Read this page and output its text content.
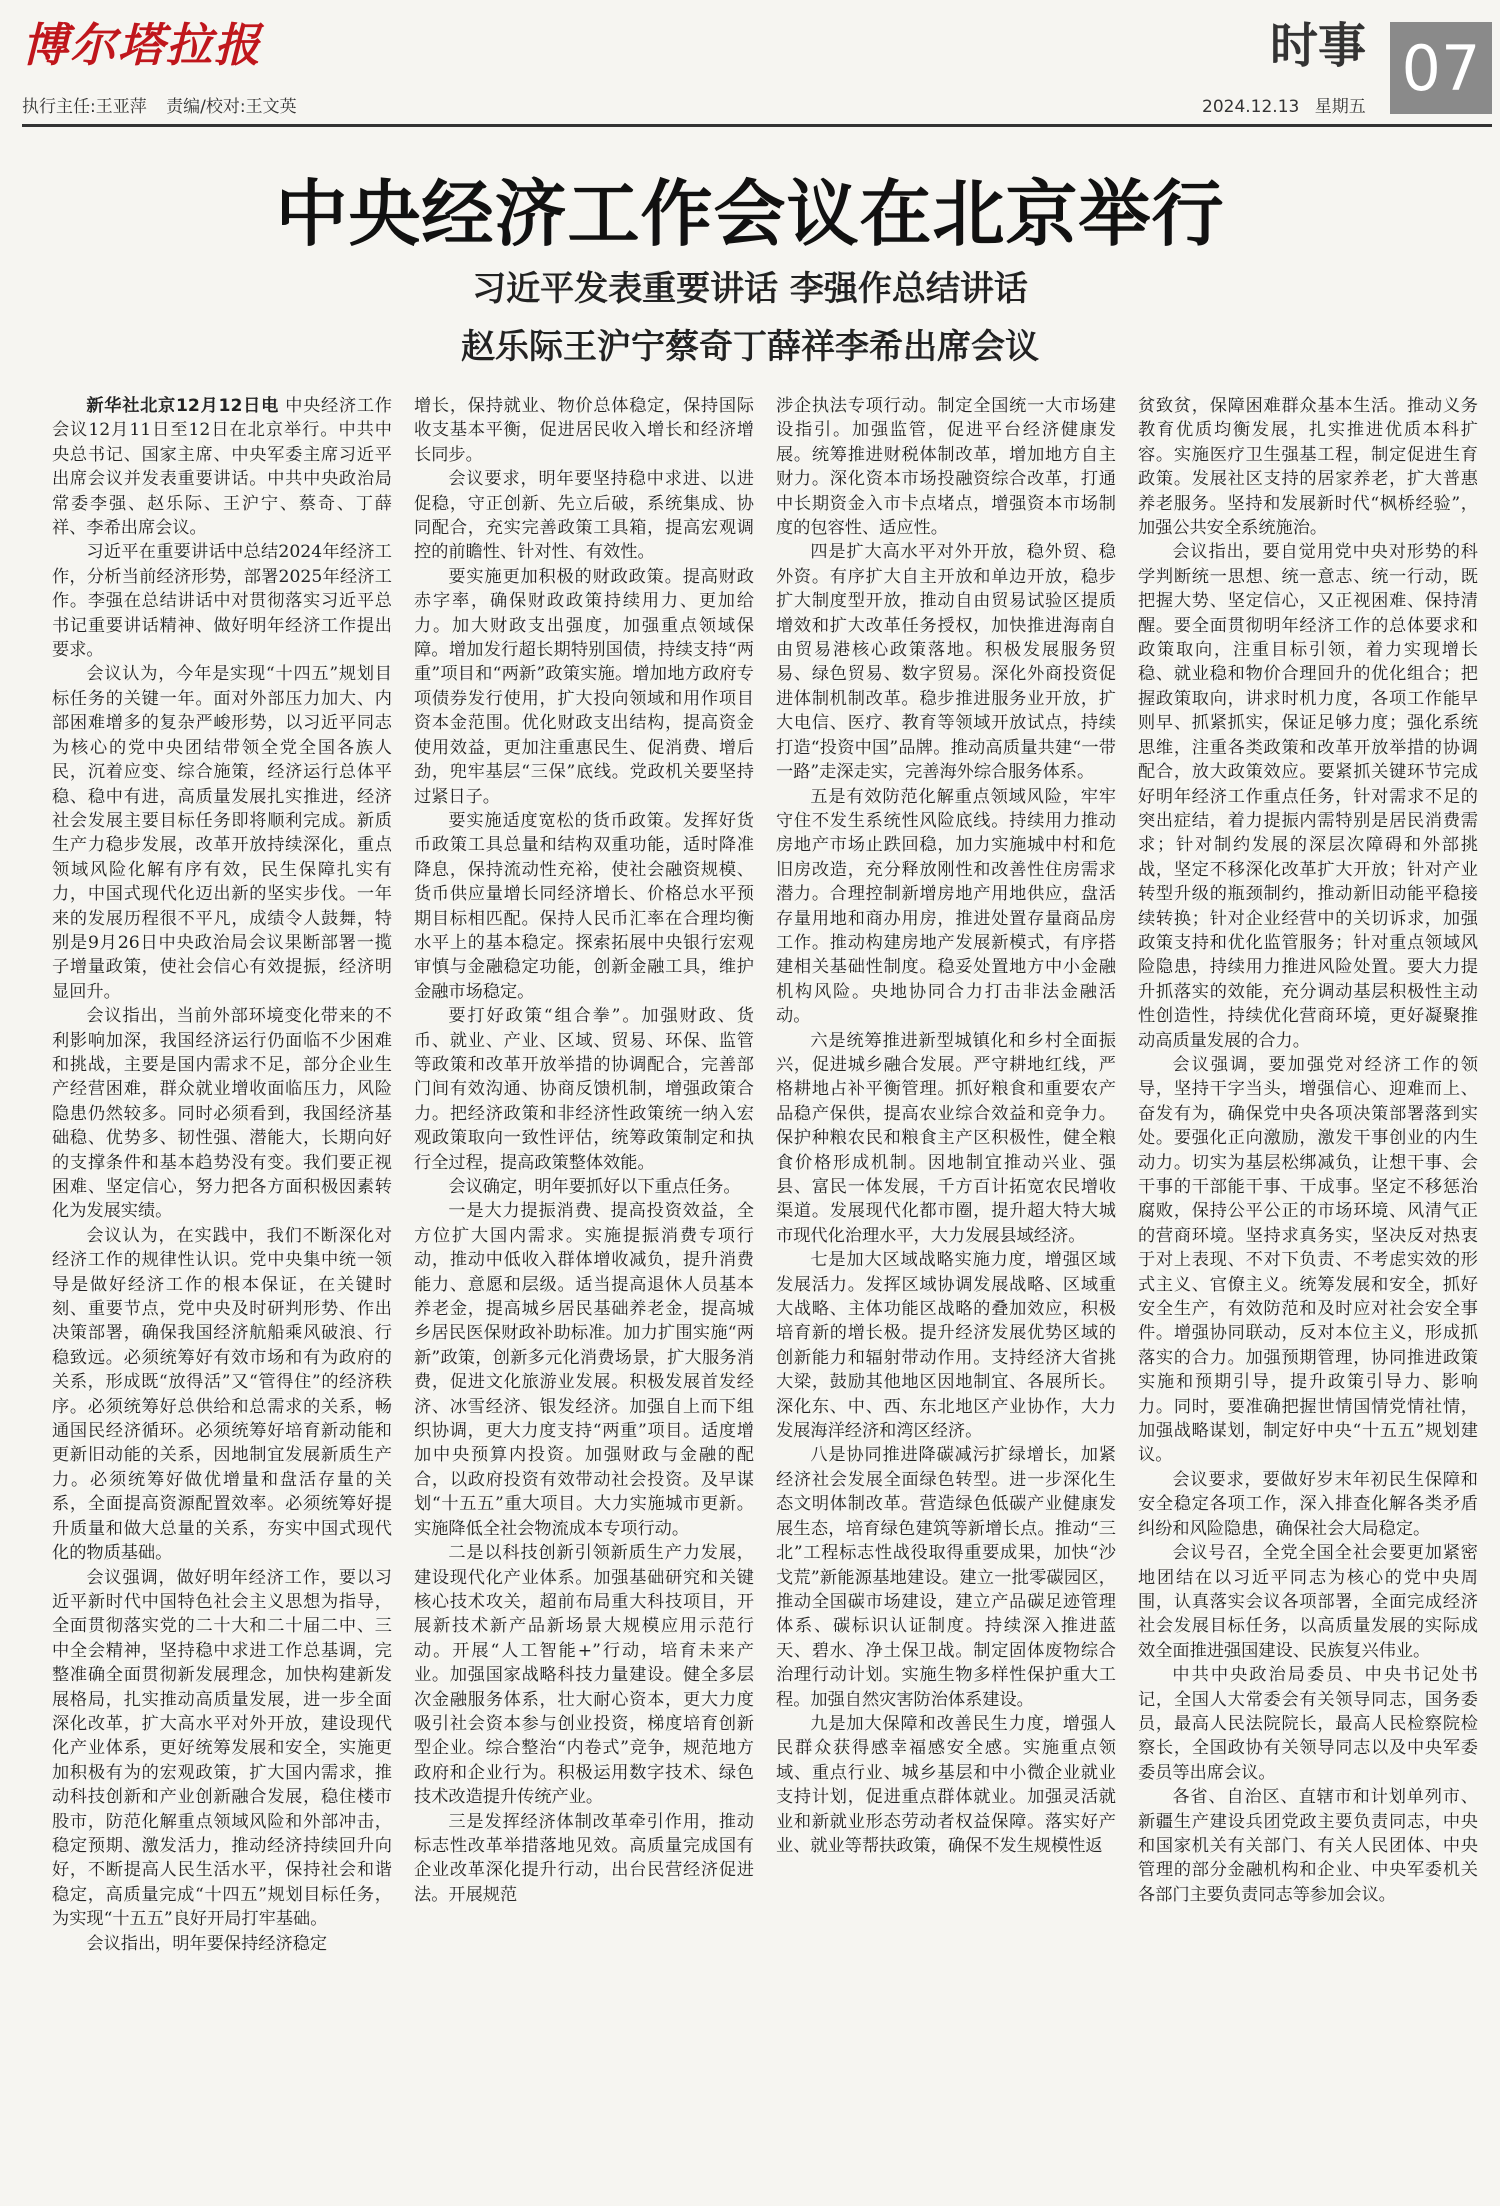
博尔塔拉报
执行主任:王亚萍 责编/校对:王文英
时事 07
2024.12.13 星期五
中央经济工作会议在北京举行
习近平发表重要讲话 李强作总结讲话
赵乐际王沪宁蔡奇丁薛祥李希出席会议

新华社北京12月12日电 中央经济工作会议12月11日至12日在北京举行。中共中央总书记、国家主席、中央军委主席习近平出席会议并发表重要讲话。中共中央政治局常委李强、赵乐际、王沪宁、蔡奇、丁薛祥、李希出席会议。

习近平在重要讲话中总结2024年经济工作，分析当前经济形势，部署2025年经济工作。李强在总结讲话中对贯彻落实习近平总书记重要讲话精神、做好明年经济工作提出要求。

会议认为，今年是实现“十四五”规划目标任务的关键一年。面对外部压力加大、内部困难增多的复杂严峻形势，以习近平同志为核心的党中央团结带领全党全国各族人民，沉着应变、综合施策，经济运行总体平稳、稳中有进，高质量发展扎实推进，经济社会发展主要目标任务即将顺利完成。新质生产力稳步发展，改革开放持续深化，重点领域风险化解有序有效，民生保障扎实有力，中国式现代化迈出新的坚实步伐。一年来的发展历程很不平凡，成绩令人鼓舞，特别是9月26日中央政治局会议果断部署一揽子增量政策，使社会信心有效提振，经济明显回升。

会议指出，当前外部环境变化带来的不利影响加深，我国经济运行仍面临不少困难和挑战，主要是国内需求不足，部分企业生产经营困难，群众就业增收面临压力，风险隐患仍然较多。同时必须看到，我国经济基础稳、优势多、韧性强、潜能大，长期向好的支撑条件和基本趋势没有变。我们要正视困难、坚定信心，努力把各方面积极因素转化为发展实绩。

会议认为，在实践中，我们不断深化对经济工作的规律性认识。党中央集中统一领导是做好经济工作的根本保证，在关键时刻、重要节点，党中央及时研判形势、作出决策部署，确保我国经济航船乘风破浪、行稳致远。必须统筹好有效市场和有为政府的关系，形成既“放得活”又“管得住”的经济秩序。必须统筹好总供给和总需求的关系，畅通国民经济循环。必须统筹好培育新动能和更新旧动能的关系，因地制宜发展新质生产力。必须统筹好做优增量和盘活存量的关系，全面提高资源配置效率。必须统筹好提升质量和做大总量的关系，夯实中国式现代化的物质基础。

会议强调，做好明年经济工作，要以习近平新时代中国特色社会主义思想为指导，全面贯彻落实党的二十大和二十届二中、三中全会精神，坚持稳中求进工作总基调，完整准确全面贯彻新发展理念，加快构建新发展格局，扎实推动高质量发展，进一步全面深化改革，扩大高水平对外开放，建设现代化产业体系，更好统筹发展和安全，实施更加积极有为的宏观政策，扩大国内需求，推动科技创新和产业创新融合发展，稳住楼市股市，防范化解重点领域风险和外部冲击，稳定预期、激发活力，推动经济持续回升向好，不断提高人民生活水平，保持社会和谐稳定，高质量完成“十四五”规划目标任务，为实现“十五五”良好开局打牢基础。

会议指出，明年要保持经济稳定

增长，保持就业、物价总体稳定，保持国际收支基本平衡，促进居民收入增长和经济增长同步。

会议要求，明年要坚持稳中求进、以进促稳，守正创新、先立后破，系统集成、协同配合，充实完善政策工具箱，提高宏观调控的前瞻性、针对性、有效性。

要实施更加积极的财政政策。提高财政赤字率，确保财政政策持续用力、更加给力。加大财政支出强度，加强重点领域保障。增加发行超长期特别国债，持续支持“两重”项目和“两新”政策实施。增加地方政府专项债券发行使用，扩大投向领域和用作项目资本金范围。优化财政支出结构，提高资金使用效益，更加注重惠民生、促消费、增后劲，兜牢基层“三保”底线。党政机关要坚持过紧日子。

要实施适度宽松的货币政策。发挥好货币政策工具总量和结构双重功能，适时降准降息，保持流动性充裕，使社会融资规模、货币供应量增长同经济增长、价格总水平预期目标相匹配。保持人民币汇率在合理均衡水平上的基本稳定。探索拓展中央银行宏观审慎与金融稳定功能，创新金融工具，维护金融市场稳定。

要打好政策“组合拳”。加强财政、货币、就业、产业、区域、贸易、环保、监管等政策和改革开放举措的协调配合，完善部门间有效沟通、协商反馈机制，增强政策合力。把经济政策和非经济性政策统一纳入宏观政策取向一致性评估，统筹政策制定和执行全过程，提高政策整体效能。

会议确定，明年要抓好以下重点任务。

一是大力提振消费、提高投资效益，全方位扩大国内需求。实施提振消费专项行动，推动中低收入群体增收减负，提升消费能力、意愿和层级。适当提高退休人员基本养老金，提高城乡居民基础养老金，提高城乡居民医保财政补助标准。加力扩围实施“两新”政策，创新多元化消费场景，扩大服务消费，促进文化旅游业发展。积极发展首发经济、冰雪经济、银发经济。加强自上而下组织协调，更大力度支持“两重”项目。适度增加中央预算内投资。加强财政与金融的配合，以政府投资有效带动社会投资。及早谋划“十五五”重大项目。大力实施城市更新。实施降低全社会物流成本专项行动。

二是以科技创新引领新质生产力发展，建设现代化产业体系。加强基础研究和关键核心技术攻关，超前布局重大科技项目，开展新技术新产品新场景大规模应用示范行动。开展“人工智能+”行动，培育未来产业。加强国家战略科技力量建设。健全多层次金融服务体系，壮大耐心资本，更大力度吸引社会资本参与创业投资，梯度培育创新型企业。综合整治“内卷式”竞争，规范地方政府和企业行为。积极运用数字技术、绿色技术改造提升传统产业。

三是发挥经济体制改革牵引作用，推动标志性改革举措落地见效。高质量完成国有企业改革深化提升行动，出台民营经济促进法。开展规范

涉企执法专项行动。制定全国统一大市场建设指引。加强监管，促进平台经济健康发展。统筹推进财税体制改革，增加地方自主财力。深化资本市场投融资综合改革，打通中长期资金入市卡点堵点，增强资本市场制度的包容性、适应性。

四是扩大高水平对外开放，稳外贸、稳外资。有序扩大自主开放和单边开放，稳步扩大制度型开放，推动自由贸易试验区提质增效和扩大改革任务授权，加快推进海南自由贸易港核心政策落地。积极发展服务贸易、绿色贸易、数字贸易。深化外商投资促进体制机制改革。稳步推进服务业开放，扩大电信、医疗、教育等领域开放试点，持续打造“投资中国”品牌。推动高质量共建“一带一路”走深走实，完善海外综合服务体系。

五是有效防范化解重点领域风险，牢牢守住不发生系统性风险底线。持续用力推动房地产市场止跌回稳，加力实施城中村和危旧房改造，充分释放刚性和改善性住房需求潜力。合理控制新增房地产用地供应，盘活存量用地和商办用房，推进处置存量商品房工作。推动构建房地产发展新模式，有序搭建相关基础性制度。稳妥处置地方中小金融机构风险。央地协同合力打击非法金融活动。

六是统筹推进新型城镇化和乡村全面振兴，促进城乡融合发展。严守耕地红线，严格耕地占补平衡管理。抓好粮食和重要农产品稳产保供，提高农业综合效益和竞争力。保护种粮农民和粮食主产区积极性，健全粮食价格形成机制。因地制宜推动兴业、强县、富民一体发展，千方百计拓宽农民增收渠道。发展现代化都市圈，提升超大特大城市现代化治理水平，大力发展县域经济。

七是加大区域战略实施力度，增强区域发展活力。发挥区域协调发展战略、区域重大战略、主体功能区战略的叠加效应，积极培育新的增长极。提升经济发展优势区域的创新能力和辐射带动作用。支持经济大省挑大梁，鼓励其他地区因地制宜、各展所长。深化东、中、西、东北地区产业协作，大力发展海洋经济和湾区经济。

八是协同推进降碳减污扩绿增长，加紧经济社会发展全面绿色转型。进一步深化生态文明体制改革。营造绿色低碳产业健康发展生态，培育绿色建筑等新增长点。推动“三北”工程标志性战役取得重要成果，加快“沙戈荒”新能源基地建设。建立一批零碳园区，推动全国碳市场建设，建立产品碳足迹管理体系、碳标识认证制度。持续深入推进蓝天、碧水、净土保卫战。制定固体废物综合治理行动计划。实施生物多样性保护重大工程。加强自然灾害防治体系建设。

九是加大保障和改善民生力度，增强人民群众获得感幸福感安全感。实施重点领域、重点行业、城乡基层和中小微企业就业支持计划，促进重点群体就业。加强灵活就业和新就业形态劳动者权益保障。落实好产业、就业等帮扶政策，确保不发生规模性返

贫致贫，保障困难群众基本生活。推动义务教育优质均衡发展，扎实推进优质本科扩容。实施医疗卫生强基工程，制定促进生育政策。发展社区支持的居家养老，扩大普惠养老服务。坚持和发展新时代“枫桥经验”，加强公共安全系统施治。

会议指出，要自觉用党中央对形势的科学判断统一思想、统一意志、统一行动，既把握大势、坚定信心，又正视困难、保持清醒。要全面贯彻明年经济工作的总体要求和政策取向，注重目标引领，着力实现增长稳、就业稳和物价合理回升的优化组合；把握政策取向，讲求时机力度，各项工作能早则早、抓紧抓实，保证足够力度；强化系统思维，注重各类政策和改革开放举措的协调配合，放大政策效应。要紧抓关键环节完成好明年经济工作重点任务，针对需求不足的突出症结，着力提振内需特别是居民消费需求；针对制约发展的深层次障碍和外部挑战，坚定不移深化改革扩大开放；针对产业转型升级的瓶颈制约，推动新旧动能平稳接续转换；针对企业经营中的关切诉求，加强政策支持和优化监管服务；针对重点领域风险隐患，持续用力推进风险处置。要大力提升抓落实的效能，充分调动基层积极性主动性创造性，持续优化营商环境，更好凝聚推动高质量发展的合力。

会议强调，要加强党对经济工作的领导，坚持干字当头，增强信心、迎难而上、奋发有为，确保党中央各项决策部署落到实处。要强化正向激励，激发干事创业的内生动力。切实为基层松绑减负，让想干事、会干事的干部能干事、干成事。坚定不移惩治腐败，保持公平公正的市场环境、风清气正的营商环境。坚持求真务实，坚决反对热衷于对上表现、不对下负责、不考虑实效的形式主义、官僚主义。统筹发展和安全，抓好安全生产，有效防范和及时应对社会安全事件。增强协同联动，反对本位主义，形成抓落实的合力。加强预期管理，协同推进政策实施和预期引导，提升政策引导力、影响力。同时，要准确把握世情国情党情社情，加强战略谋划，制定好中央“十五五”规划建议。

会议要求，要做好岁末年初民生保障和安全稳定各项工作，深入排查化解各类矛盾纠纷和风险隐患，确保社会大局稳定。

会议号召，全党全国全社会要更加紧密地团结在以习近平同志为核心的党中央周围，认真落实会议各项部署，全面完成经济社会发展目标任务，以高质量发展的实际成效全面推进强国建设、民族复兴伟业。

中共中央政治局委员、中央书记处书记，全国人大常委会有关领导同志，国务委员，最高人民法院院长，最高人民检察院检察长，全国政协有关领导同志以及中央军委委员等出席会议。

各省、自治区、直辖市和计划单列市、新疆生产建设兵团党政主要负责同志，中央和国家机关有关部门、有关人民团体、中央管理的部分金融机构和企业、中央军委机关各部门主要负责同志等参加会议。
